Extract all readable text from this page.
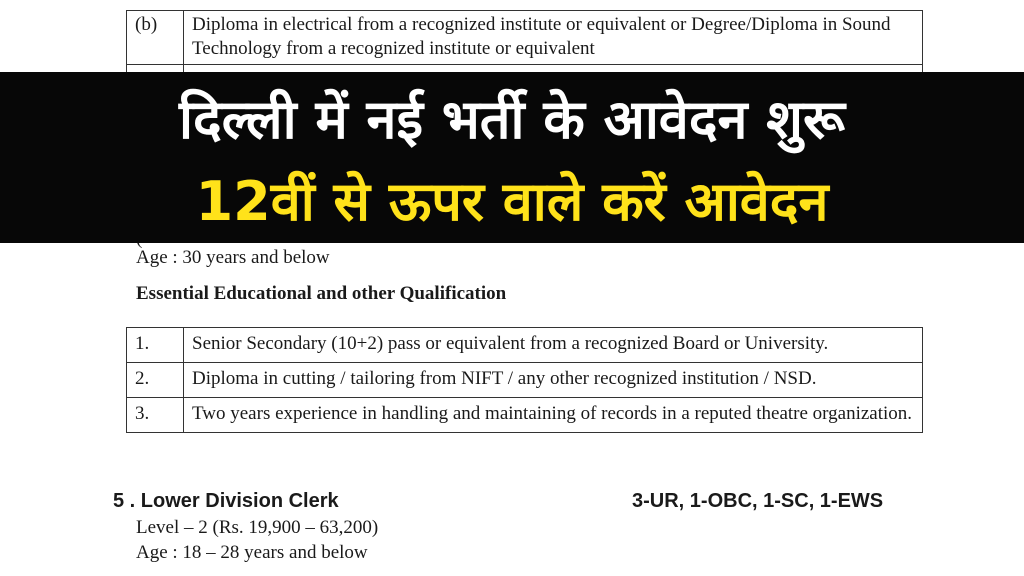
(b)	Diploma in electrical from a recognized institute or equivalent or Degree/Diploma in Sound Technology from a recognized institute or equivalent

Age : 30 years and below
Essential Educational and other Qualification
1.	Senior Secondary (10+2) pass or equivalent from a recognized Board or University.
2.	Diploma in cutting / tailoring from NIFT / any other recognized institution / NSD.
3.	Two years experience in handling and maintaining of records in a reputed theatre organization.
5 . Lower Division Clerk	3-UR, 1-OBC, 1-SC, 1-EWS
Level – 2 (Rs. 19,900 – 63,200)
Age : 18 – 28 years and below
दिल्ली में नई भर्ती के आवेदन शुरू
12वीं से ऊपर वाले करें आवेदन
